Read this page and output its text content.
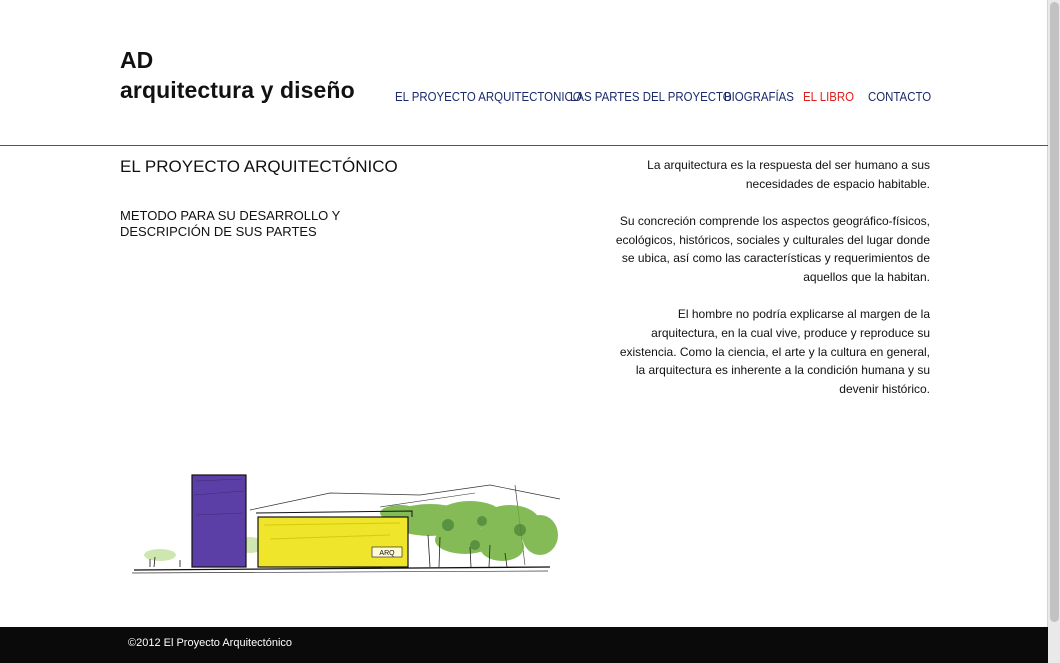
AD
arquitectura y diseño	EL PROYECTO ARQUITECTONICO
LAS PARTES DEL PROYECTO
BIOGRAFÍAS EL LIBRO	CONTACTO
EL PROYECTO ARQUITECTÓNICO
METODO PARA SU DESARROLLO Y DESCRIPCIÓN DE SUS PARTES

La arquitectura es la respuesta del ser humano a sus necesidades de espacio habitable.

Su concreción comprende los aspectos geográfico-físicos, ecológicos, históricos, sociales y culturales del lugar donde se ubica, así como las características y requerimientos de aquellos que la habitan.

El hombre no podría explicarse al margen de la arquitectura, en la cual vive, produce y reproduce su existencia. Como la ciencia, el arte y la cultura en general, la arquitectura es inherente a la condición humana y su devenir histórico.

ARQ
©2012 El Proyecto Arquitectónico
